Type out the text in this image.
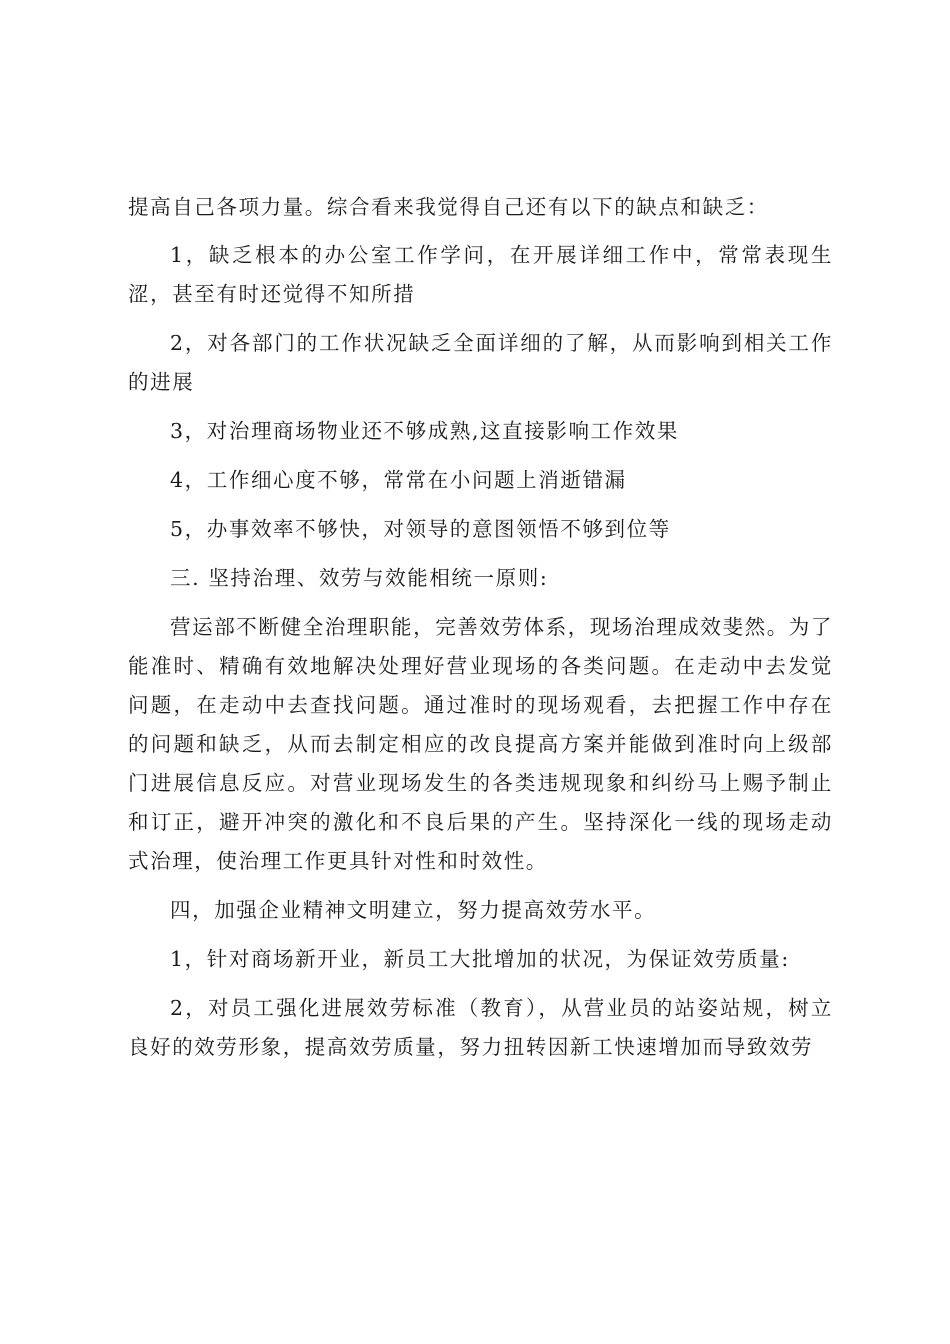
提高自己各项力量。综合看来我觉得自己还有以下的缺点和缺乏：

1，缺乏根本的办公室工作学问，在开展详细工作中，常常表现生涩，甚至有时还觉得不知所措

2，对各部门的工作状况缺乏全面详细的了解，从而影响到相关工作的进展

3，对治理商场物业还不够成熟,这直接影响工作效果

4，工作细心度不够，常常在小问题上消逝错漏

5，办事效率不够快，对领导的意图领悟不够到位等

三. 坚持治理、效劳与效能相统一原则:

营运部不断健全治理职能，完善效劳体系，现场治理成效斐然。为了能准时、精确有效地解决处理好营业现场的各类问题。在走动中去发觉问题，在走动中去查找问题。通过准时的现场观看，去把握工作中存在的问题和缺乏，从而去制定相应的改良提高方案并能做到准时向上级部门进展信息反应。对营业现场发生的各类违规现象和纠纷马上赐予制止和订正，避开冲突的激化和不良后果的产生。坚持深化一线的现场走动式治理，使治理工作更具针对性和时效性。

四，加强企业精神文明建立，努力提高效劳水平。

1，针对商场新开业，新员工大批增加的状况，为保证效劳质量:

2，对员工强化进展效劳标准（教育），从营业员的站姿站规，树立良好的效劳形象，提高效劳质量，努力扭转因新工快速增加而导致效劳
